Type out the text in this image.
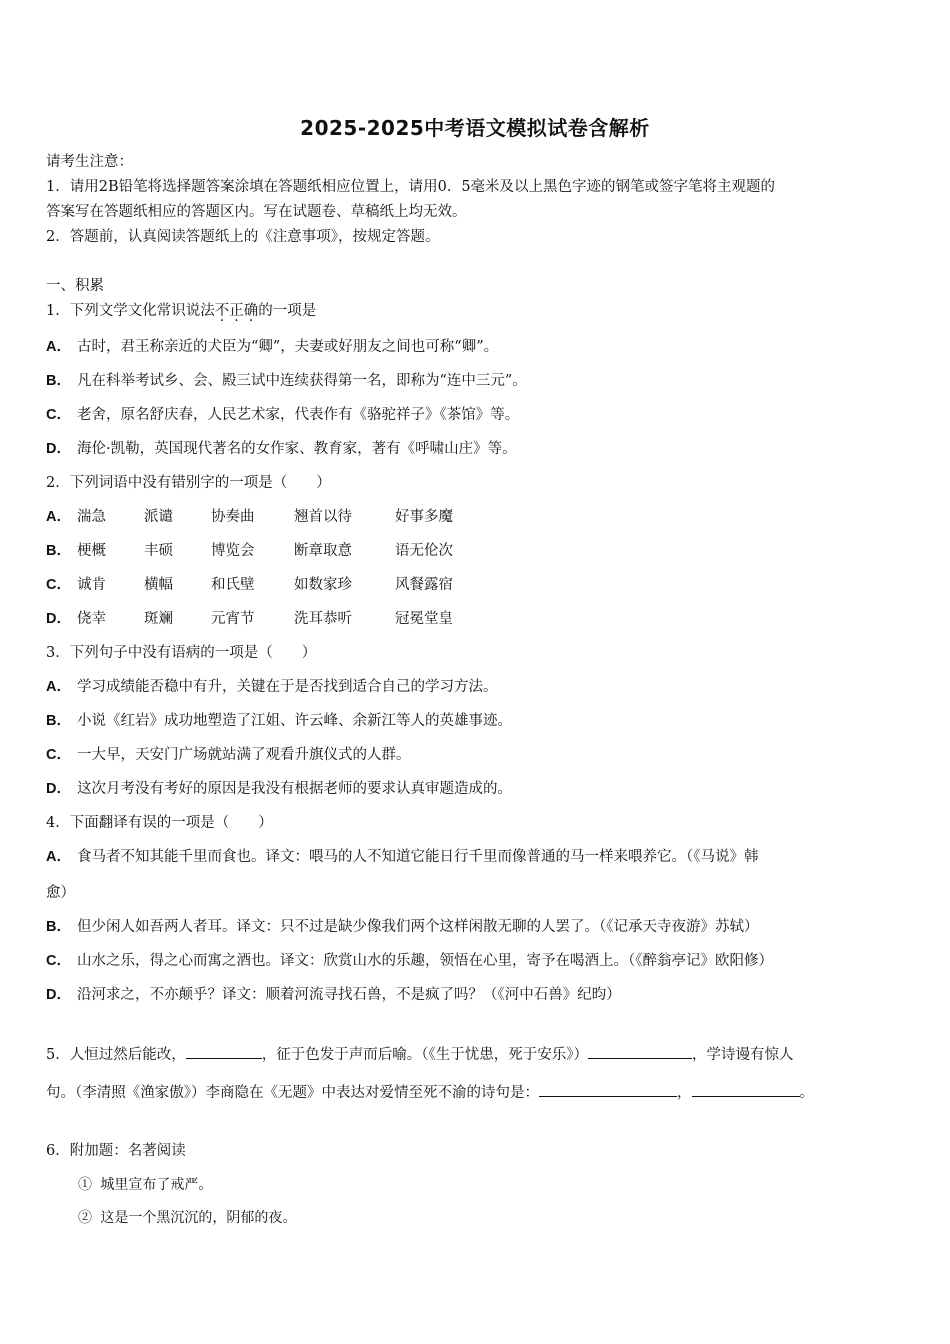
2025-2025中考语文模拟试卷含解析
请考生注意：
1．请用2B铅笔将选择题答案涂填在答题纸相应位置上，请用0．5毫米及以上黑色字迹的钢笔或签字笔将主观题的
答案写在答题纸相应的答题区内。写在试题卷、草稿纸上均无效。
2．答题前，认真阅读答题纸上的《注意事项》，按规定答题。
一、积累
1．下列文学文化常识说法不正确的一项是
A． 古时，君王称亲近的犬臣为“卿”，夫妻或好朋友之间也可称“卿”。
B． 凡在科举考试乡、会、殿三试中连续获得第一名，即称为“连中三元”。
C． 老舍，原名舒庆春，人民艺术家，代表作有《骆驼祥子》《茶馆》等。
D． 海伦·凯勒，英国现代著名的女作家、教育家，著有《呼啸山庄》等。
2．下列词语中没有错别字的一项是（　　）
A． 湍急	派谴	协奏曲	翘首以待	好事多魔
B． 梗概	丰硕	博览会	断章取意	语无伦次
C． 诚肯	横幅	和氏壁	如数家珍	风餐露宿
D． 侥幸	斑斓	元宵节	洗耳恭听	冠冕堂皇
3．下列句子中没有语病的一项是（　　）
A． 学习成绩能否稳中有升，关键在于是否找到适合自己的学习方法。
B． 小说《红岩》成功地塑造了江姐、许云峰、余新江等人的英雄事迹。
C． 一大早，天安门广场就站满了观看升旗仪式的人群。
D． 这次月考没有考好的原因是我没有根据老师的要求认真审题造成的。
4．下面翻译有误的一项是（　　）
A． 食马者不知其能千里而食也。译文：喂马的人不知道它能日行千里而像普通的马一样来喂养它。（《马说》韩
愈）
B． 但少闲人如吾两人者耳。译文：只不过是缺少像我们两个这样闲散无聊的人罢了。（《记承天寺夜游》苏轼）
C． 山水之乐，得之心而寓之酒也。译文：欣赏山水的乐趣，领悟在心里，寄予在喝酒上。（《醉翁亭记》欧阳修）
D． 沿河求之，不亦颠乎？译文：顺着河流寻找石兽，不是疯了吗？（《河中石兽》纪昀）
5．人恒过然后能改，	，征于色发于声而后喻。（《生于忧患，死于安乐》）	，学诗谩有惊人
句。（李清照《渔家傲》）李商隐在《无题》中表达对爱情至死不渝的诗句是：	，	。
6．附加题：名著阅读
① 城里宣布了戒严。
② 这是一个黑沉沉的，阴郁的夜。
